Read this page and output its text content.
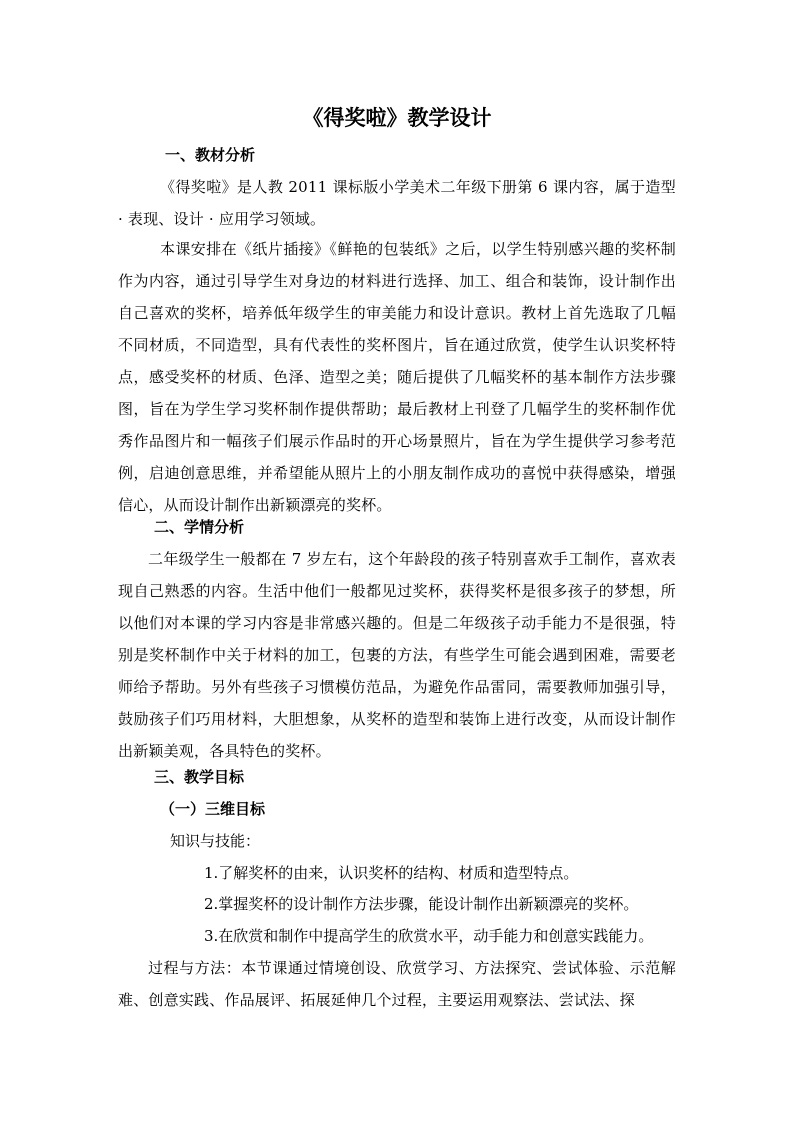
《得奖啦》教学设计

一、教材分析

《得奖啦》是人教 2011 课标版小学美术二年级下册第 6 课内容，属于造型 · 表现、设计 · 应用学习领域。

本课安排在《纸片插接》《鲜艳的包装纸》之后，以学生特别感兴趣的奖杯制作为内容，通过引导学生对身边的材料进行选择、加工、组合和装饰，设计制作出自己喜欢的奖杯，培养低年级学生的审美能力和设计意识。教材上首先选取了几幅不同材质，不同造型，具有代表性的奖杯图片，旨在通过欣赏，使学生认识奖杯特点，感受奖杯的材质、色泽、造型之美；随后提供了几幅奖杯的基本制作方法步骤图，旨在为学生学习奖杯制作提供帮助；最后教材上刊登了几幅学生的奖杯制作优秀作品图片和一幅孩子们展示作品时的开心场景照片，旨在为学生提供学习参考范例，启迪创意思维，并希望能从照片上的小朋友制作成功的喜悦中获得感染，增强信心，从而设计制作出新颖漂亮的奖杯。

二、学情分析

二年级学生一般都在 7 岁左右，这个年龄段的孩子特别喜欢手工制作，喜欢表现自己熟悉的内容。生活中他们一般都见过奖杯，获得奖杯是很多孩子的梦想，所以他们对本课的学习内容是非常感兴趣的。但是二年级孩子动手能力不是很强，特别是奖杯制作中关于材料的加工，包裹的方法，有些学生可能会遇到困难，需要老师给予帮助。另外有些孩子习惯模仿范品，为避免作品雷同，需要教师加强引导，鼓励孩子们巧用材料，大胆想象，从奖杯的造型和装饰上进行改变，从而设计制作出新颖美观，各具特色的奖杯。

三、教学目标

（一）三维目标

知识与技能：

1.了解奖杯的由来，认识奖杯的结构、材质和造型特点。

2.掌握奖杯的设计制作方法步骤，能设计制作出新颖漂亮的奖杯。

3.在欣赏和制作中提高学生的欣赏水平，动手能力和创意实践能力。

过程与方法：本节课通过情境创设、欣赏学习、方法探究、尝试体验、示范解难、创意实践、作品展评、拓展延伸几个过程，主要运用观察法、尝试法、探
